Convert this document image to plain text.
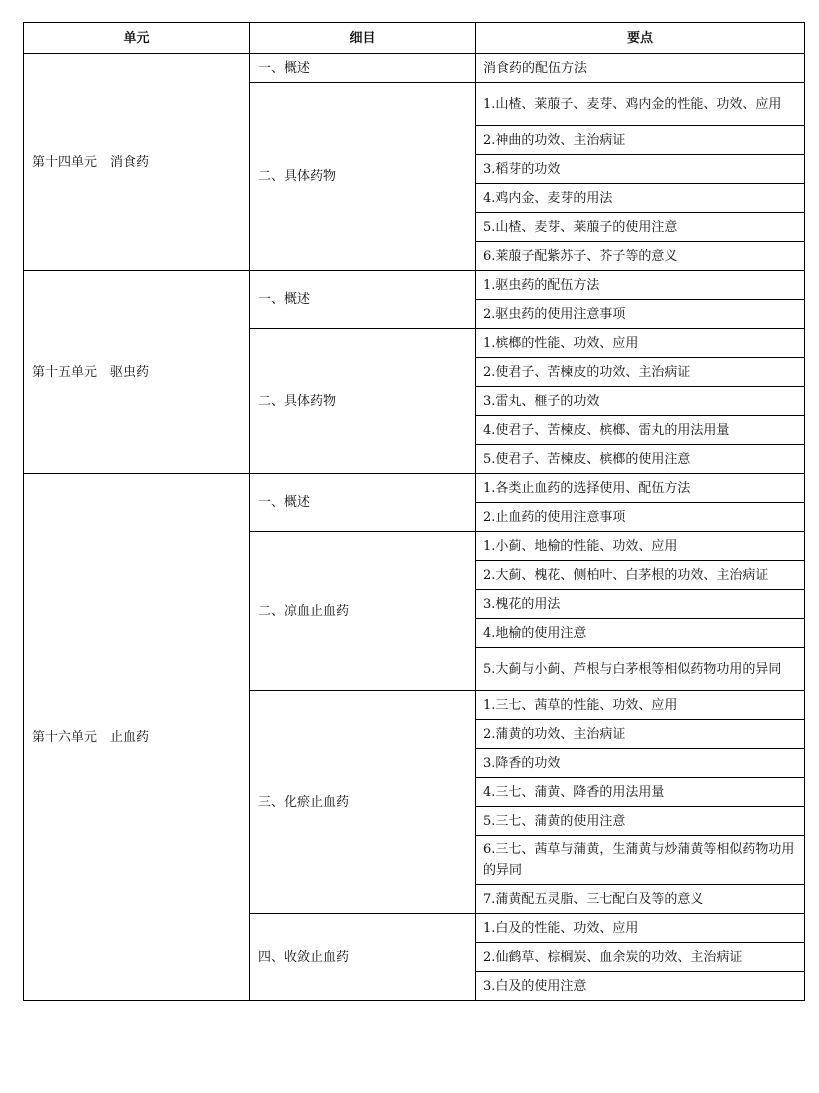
单元	细目	要点
第十四单元　消食药	一、概述	消食药的配伍方法
	二、具体药物	1.山楂、莱菔子、麦芽、鸡内金的性能、功效、应用
		2.神曲的功效、主治病证
		3.稻芽的功效
		4.鸡内金、麦芽的用法
		5.山楂、麦芽、莱菔子的使用注意
		6.莱菔子配紫苏子、芥子等的意义
第十五单元　驱虫药	一、概述	1.驱虫药的配伍方法
		2.驱虫药的使用注意事项
	二、具体药物	1.槟榔的性能、功效、应用
		2.使君子、苦楝皮的功效、主治病证
		3.雷丸、榧子的功效
		4.使君子、苦楝皮、槟榔、雷丸的用法用量
		5.使君子、苦楝皮、槟榔的使用注意
第十六单元　止血药	一、概述	1.各类止血药的选择使用、配伍方法
		2.止血药的使用注意事项
	二、凉血止血药	1.小蓟、地榆的性能、功效、应用
		2.大蓟、槐花、侧柏叶、白茅根的功效、主治病证
		3.槐花的用法
		4.地榆的使用注意
		5.大蓟与小蓟、芦根与白茅根等相似药物功用的异同
	三、化瘀止血药	1.三七、茜草的性能、功效、应用
		2.蒲黄的功效、主治病证
		3.降香的功效
		4.三七、蒲黄、降香的用法用量
		5.三七、蒲黄的使用注意
		6.三七、茜草与蒲黄，生蒲黄与炒蒲黄等相似药物功用的异同
		7.蒲黄配五灵脂、三七配白及等的意义
	四、收敛止血药	1.白及的性能、功效、应用
		2.仙鹤草、棕榈炭、血余炭的功效、主治病证
		3.白及的使用注意
